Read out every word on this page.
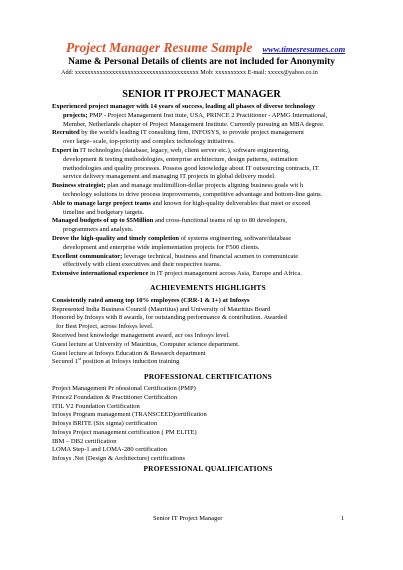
Project Manager Resume Sample www.timesresumes.com
Name & Personal Details of clients are not included for Anonymity
Add: xxxxxxxxxxxxxxxxxxxxxxxxxxxxxxxxxxxxxxxx Mob: xxxxxxxxxx E-mail: xxxxx@yahoo.co.in
SENIOR IT PROJECT MANAGER

Experienced project manager with 14 years of success, leading all phases of diverse technology

projects; PMP - Project Management Inst itute, USA, PRINCE 2 Practitioner - APMG International,

Member, Netherlands chapter of Project Management Institute. Currently pursuing an MBA degree.

Recruited by the world's leading IT consulting firm, INFOSYS, to provide project management

over large- scale, top-priority and complex technology initiatives.

Expert in IT technologies (database, legacy, web, client server etc.), software engineering,

development & testing methodologies, enterprise architecture, design patterns, estimation

methodologies and quality processes. Possess good knowledge about IT outsourcing contracts, IT

service delivery management and managing IT projects in global delivery model.

Business strategist; plan and manage multimillion-dollar projects aligning business goals wit h

technology solutions to drive process improvements, competitive advantage and bottom-line gains.

Able to manage large project teams and known for high-quality deliverables that meet or exceed

timeline and budgetary targets.

Managed budgets of up to $5Million and cross-functional teams of up to 80 developers,

programmers and analysts.

Drove the high-quality and timely completion of systems engineering, software/database

development and enterprise wide implementation projects for F500 clients.

Excellent communicator; leverage technical, business and financial acumen to communicate

effectively with client executives and their respective teams.

Extensive international experience in IT project management across Asia, Europe and Africa.

ACHIEVEMENTS HIGHLIGHTS

Consistently rated among top 10% employees (CRR-1 & 1+) at Infosys

Represented India Business Council (Mauritius) and University of Mauritius Board

Honored by Infosys with 8 awards, for outstanding performance & contribution. Awarded

for Best Project, across Infosys level.

Received best knowledge management award, acr oss Infosys level.

Guest lecture at University of Mauritius, Computer science department.

Guest lecture at Infosys Education & Research department

Secured 1st position at Infosys induction training

PROFESSIONAL CERTIFICATIONS

Project Management Pr ofessional Certification (PMP)

Prince2 Foundation & Practitioner Certification

ITIL V2 Foundation Certification

Infosys Program management (TRANSCEED)certification

Infosys BRITE (Six sigma) certification

Infosys Project management certification ( PM ELITE)

IBM – DB2 certification

LOMA Step-1 and LOMA-280 certification

Infosys .Net (Design & Architecture) certifications

PROFESSIONAL QUALIFICATIONS
Senior IT Project Manager	1
